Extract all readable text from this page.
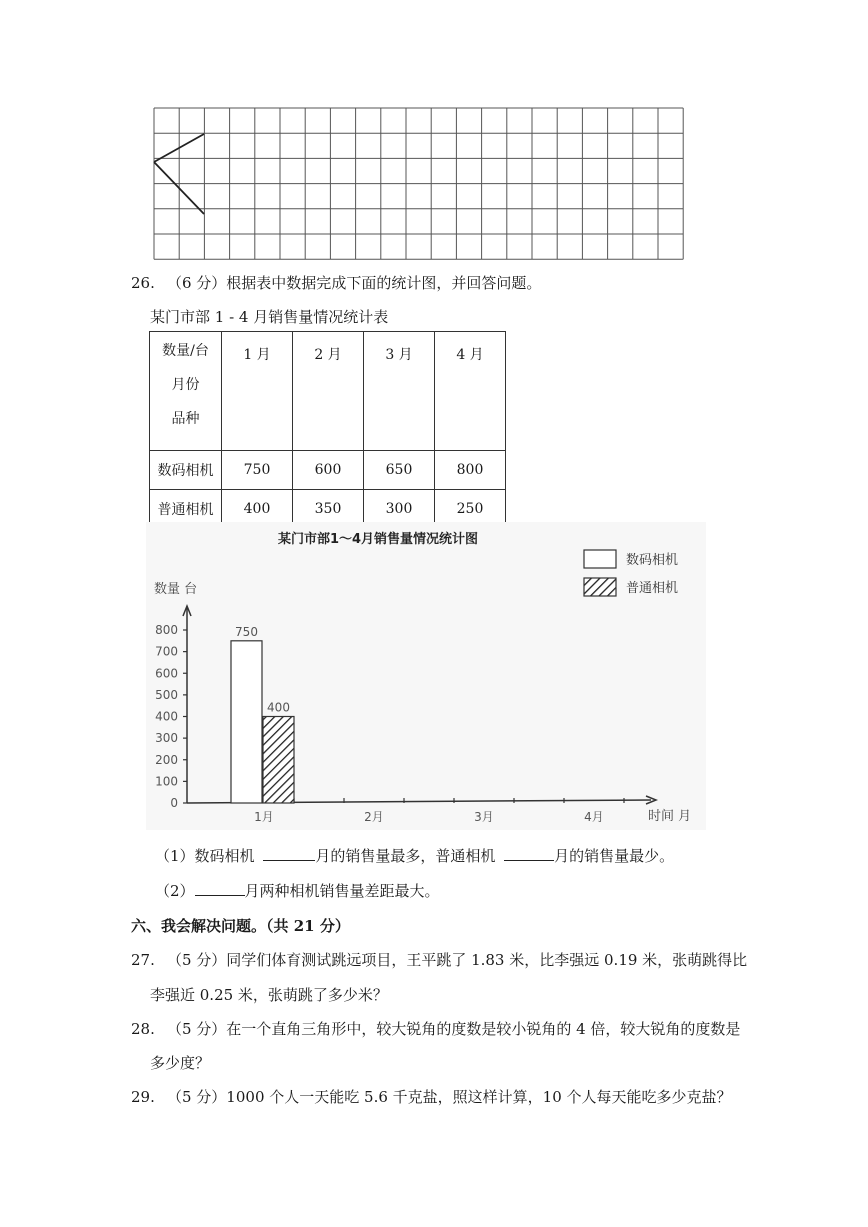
26. （6 分）根据表中数据完成下面的统计图，并回答问题。
某门市部 1 - 4 月销售量情况统计表
数量/台
月份
品种	1 月	2 月	3 月	4 月
数码相机	750	600	650	800
普通相机	400	350	300	250
某门市部1～4月销售量情况统计图
数码相机
普通相机
数量 台
0
100
200
300
400
500
600
700
800
1月	2月	3月	4月
750
400
时间 月
（1）数码相机	月的销售量最多，普通相机	月的销售量最少。
（2）	月两种相机销售量差距最大。
六、我会解决问题。（共 21 分）
27. （5 分）同学们体育测试跳远项目，王平跳了 1.83 米，比李强远 0.19 米，张萌跳得比
李强近 0.25 米，张萌跳了多少米？
28. （5 分）在一个直角三角形中，较大锐角的度数是较小锐角的 4 倍，较大锐角的度数是
多少度？
29. （5 分）1000 个人一天能吃 5.6 千克盐，照这样计算，10 个人每天能吃多少克盐？
